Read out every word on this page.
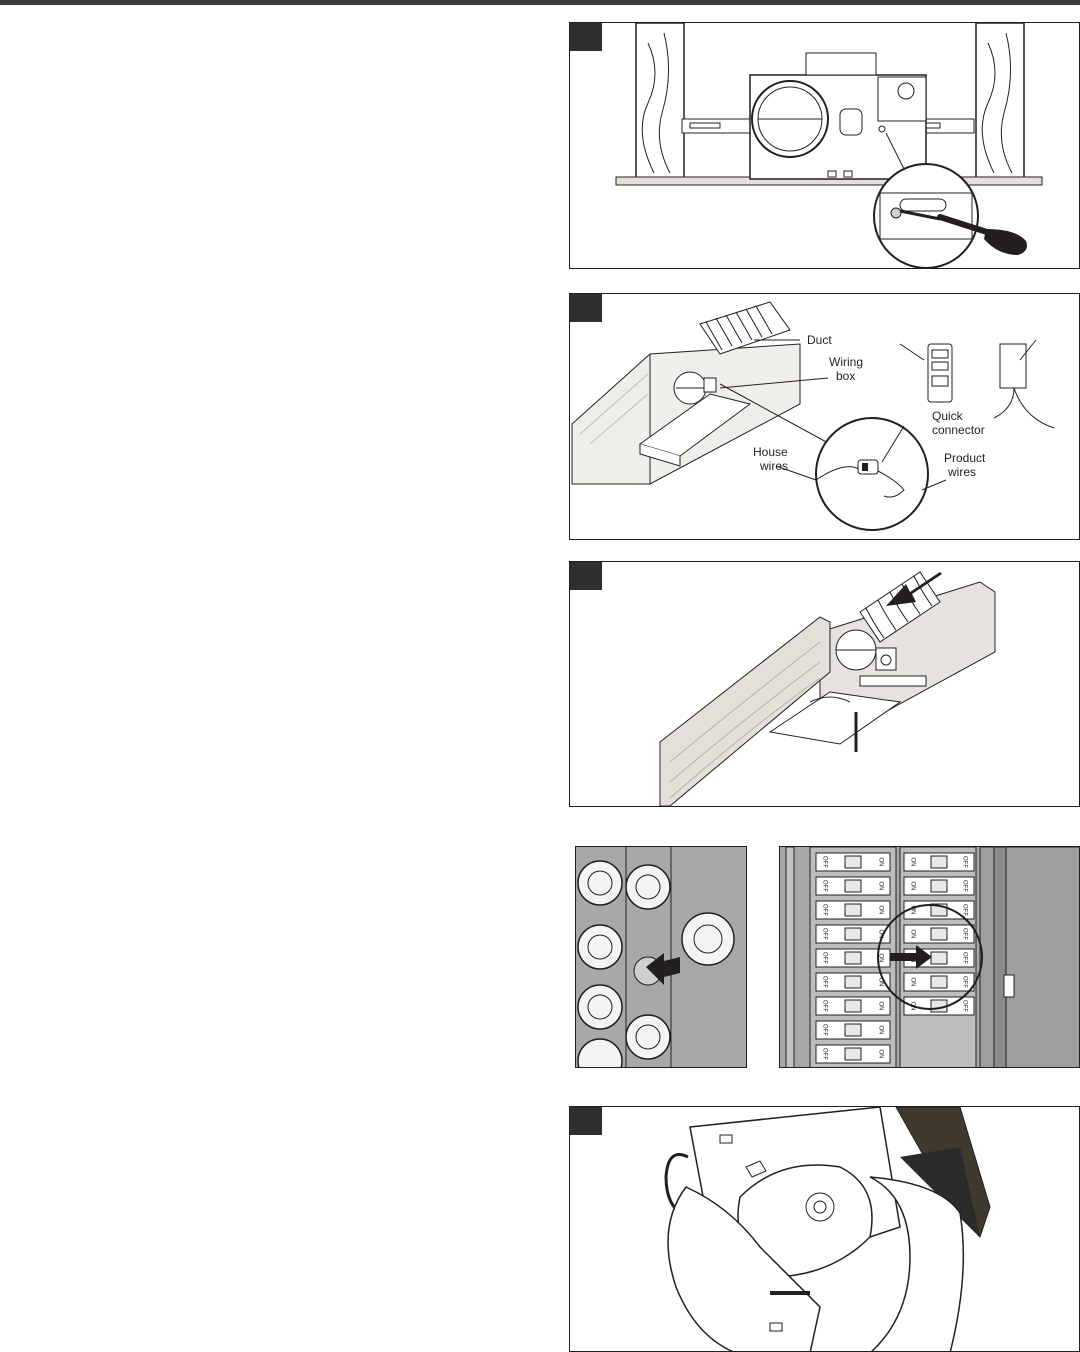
Duct
Wiring
box
Quick
connector
House
wires
Product
wires
OFF	ON
OFF	ON
OFF	ON
OFF	ON
OFF	ON
OFF	ON
OFF	ON
OFF	ON
OFF	ON
ON	OFF
ON	OFF
ON	OFF
ON	OFF
OFF
ON	OFF
ON	OFF
